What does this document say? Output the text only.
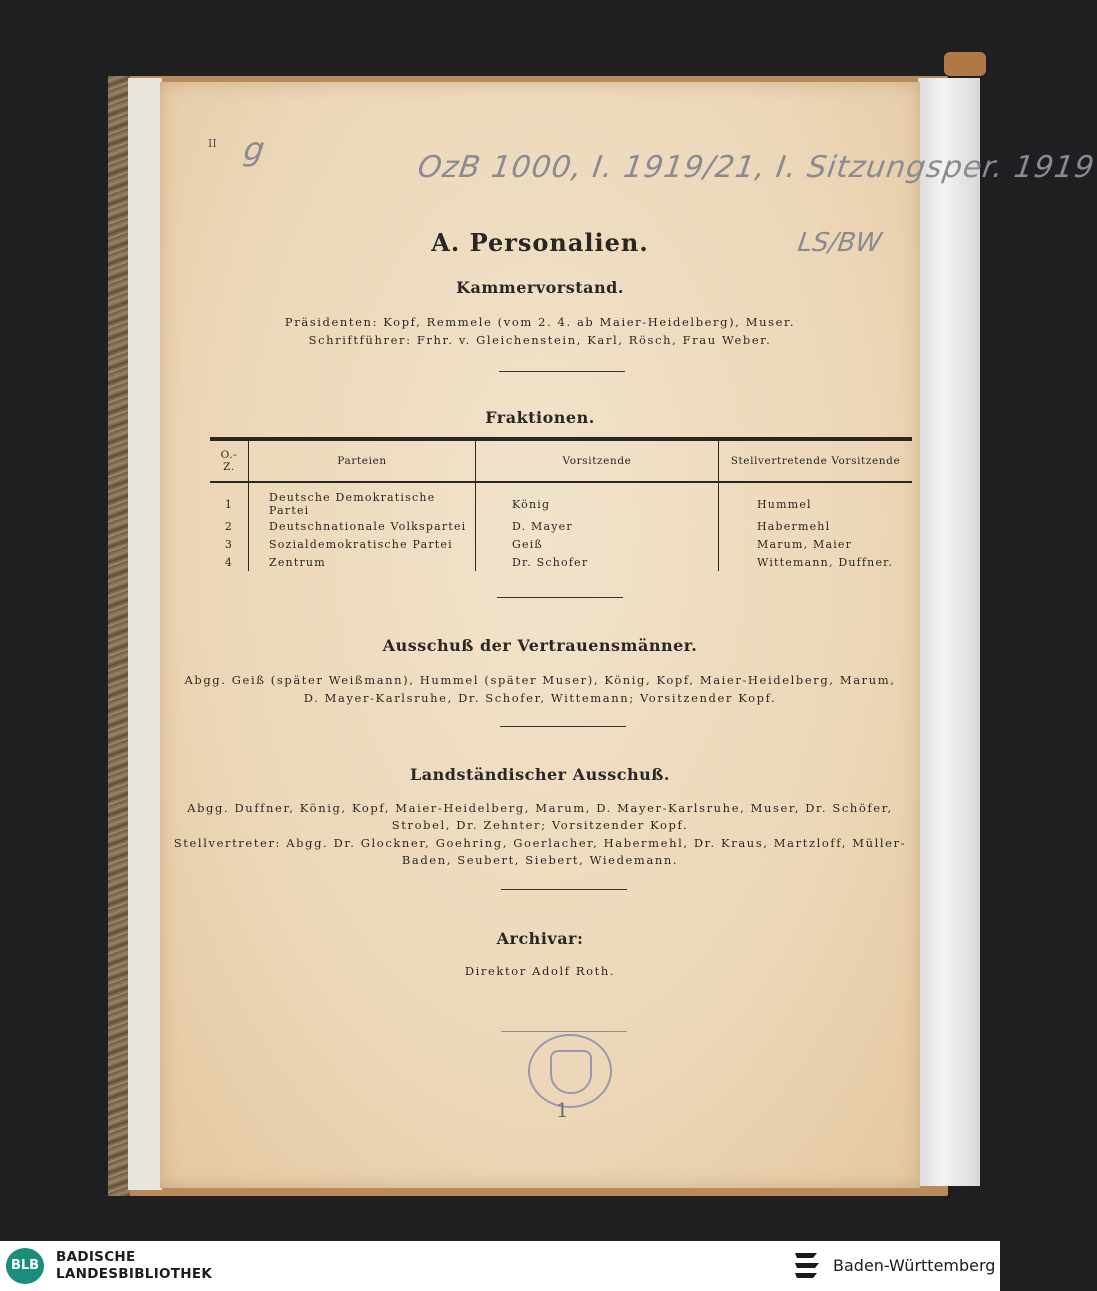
II g	OzB 1000, I. 1919/21, I. Sitzungsper. 1919
LS/BW
A. Personalien.
Kammervorstand.
Präsidenten: Kopf, Remmele (vom 2. 4. ab Maier-Heidelberg), Muser.
Schriftführer: Frhr. v. Gleichenstein, Karl, Rösch, Frau Weber.
Fraktionen.
O.-Z.	Parteien	Vorsitzende	Stellvertretende Vorsitzende
1	Deutsche Demokratische Partei	König	Hummel
2	Deutschnationale Volkspartei	D. Mayer	Habermehl
3	Sozialdemokratische Partei	Geiß	Marum, Maier
4	Zentrum	Dr. Schofer	Wittemann, Duffner.
Ausschuß der Vertrauensmänner.
Abgg. Geiß (später Weißmann), Hummel (später Muser), König, Kopf, Maier-Heidelberg, Marum,
D. Mayer-Karlsruhe, Dr. Schofer, Wittemann; Vorsitzender Kopf.
Landständischer Ausschuß.
Abgg. Duffner, König, Kopf, Maier-Heidelberg, Marum, D. Mayer-Karlsruhe, Muser, Dr. Schöfer,
Strobel, Dr. Zehnter; Vorsitzender Kopf.
Stellvertreter: Abgg. Dr. Glockner, Goehring, Goerlacher, Habermehl, Dr. Kraus, Martzloff, Müller-
Baden, Seubert, Siebert, Wiedemann.
Archivar:
Direktor Adolf Roth.
1
BLB
BADISCHE
LANDESBIBLIOTHEK	Baden-Württemberg
